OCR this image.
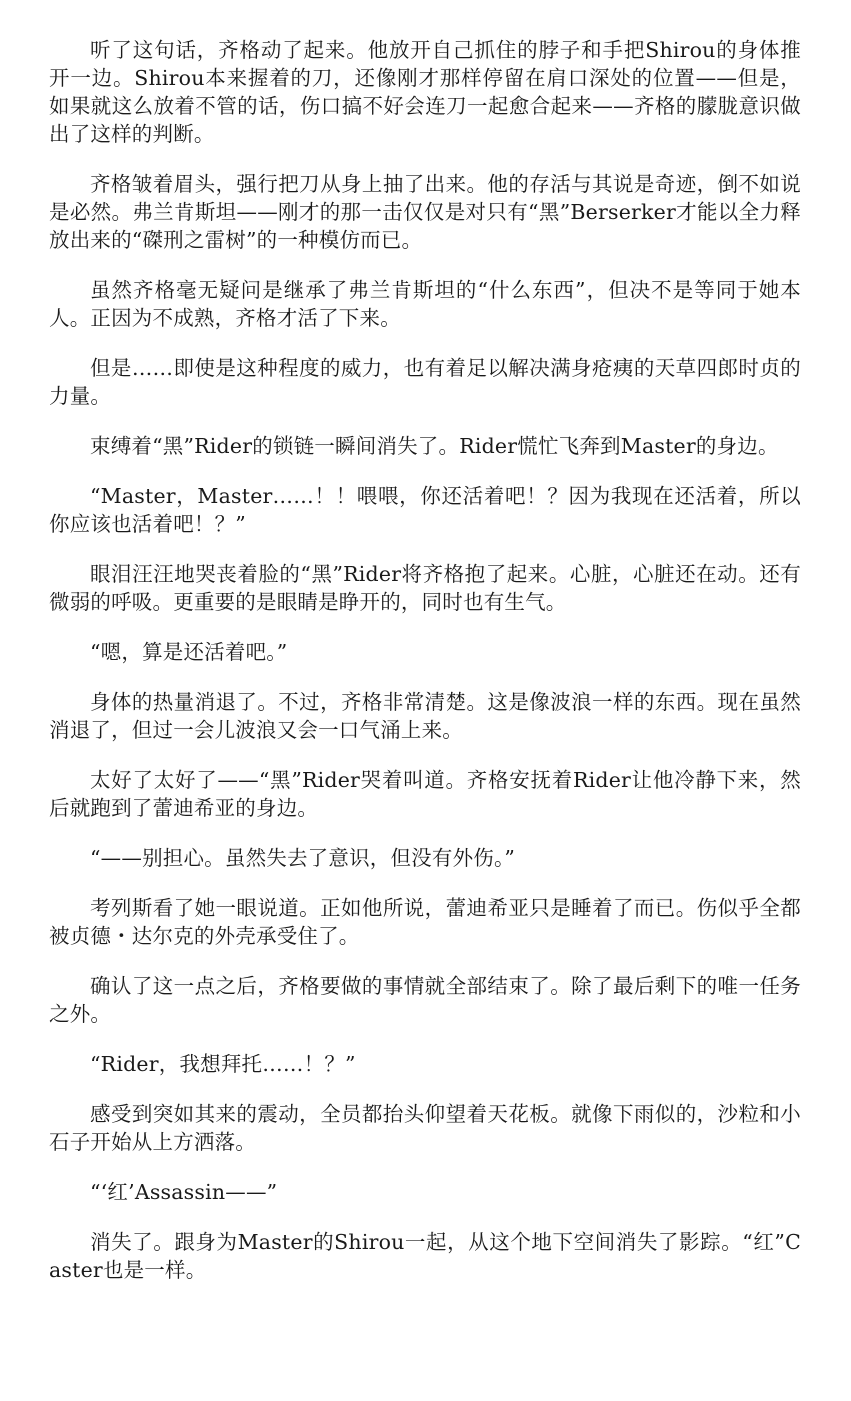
听了这句话，齐格动了起来。他放开自己抓住的脖子和手把Shirou的身体推开一边。Shirou本来握着的刀，还像刚才那样停留在肩口深处的位置——但是，如果就这么放着不管的话，伤口搞不好会连刀一起愈合起来——齐格的朦胧意识做出了这样的判断。

齐格皱着眉头，强行把刀从身上抽了出来。他的存活与其说是奇迹，倒不如说是必然。弗兰肯斯坦——刚才的那一击仅仅是对只有“黑”Berserker才能以全力释放出来的“磔刑之雷树”的一种模仿而已。

虽然齐格毫无疑问是继承了弗兰肯斯坦的“什么东西”，但决不是等同于她本人。正因为不成熟，齐格才活了下来。

但是……即使是这种程度的威力，也有着足以解决满身疮痍的天草四郎时贞的力量。

束缚着“黑”Rider的锁链一瞬间消失了。Rider慌忙飞奔到Master的身边。

“Master，Master……！！喂喂，你还活着吧！？因为我现在还活着，所以你应该也活着吧！？”

眼泪汪汪地哭丧着脸的“黑”Rider将齐格抱了起来。心脏，心脏还在动。还有微弱的呼吸。更重要的是眼睛是睁开的，同时也有生气。

“嗯，算是还活着吧。”

身体的热量消退了。不过，齐格非常清楚。这是像波浪一样的东西。现在虽然消退了，但过一会儿波浪又会一口气涌上来。

太好了太好了——“黑”Rider哭着叫道。齐格安抚着Rider让他冷静下来，然后就跑到了蕾迪希亚的身边。

“——别担心。虽然失去了意识，但没有外伤。”

考列斯看了她一眼说道。正如他所说，蕾迪希亚只是睡着了而已。伤似乎全都被贞德・达尔克的外壳承受住了。

确认了这一点之后，齐格要做的事情就全部结束了。除了最后剩下的唯一任务之外。

“Rider，我想拜托……！？”

感受到突如其来的震动，全员都抬头仰望着天花板。就像下雨似的，沙粒和小石子开始从上方洒落。

“‘红’Assassin——”

消失了。跟身为Master的Shirou一起，从这个地下空间消失了影踪。“红”Caster也是一样。
